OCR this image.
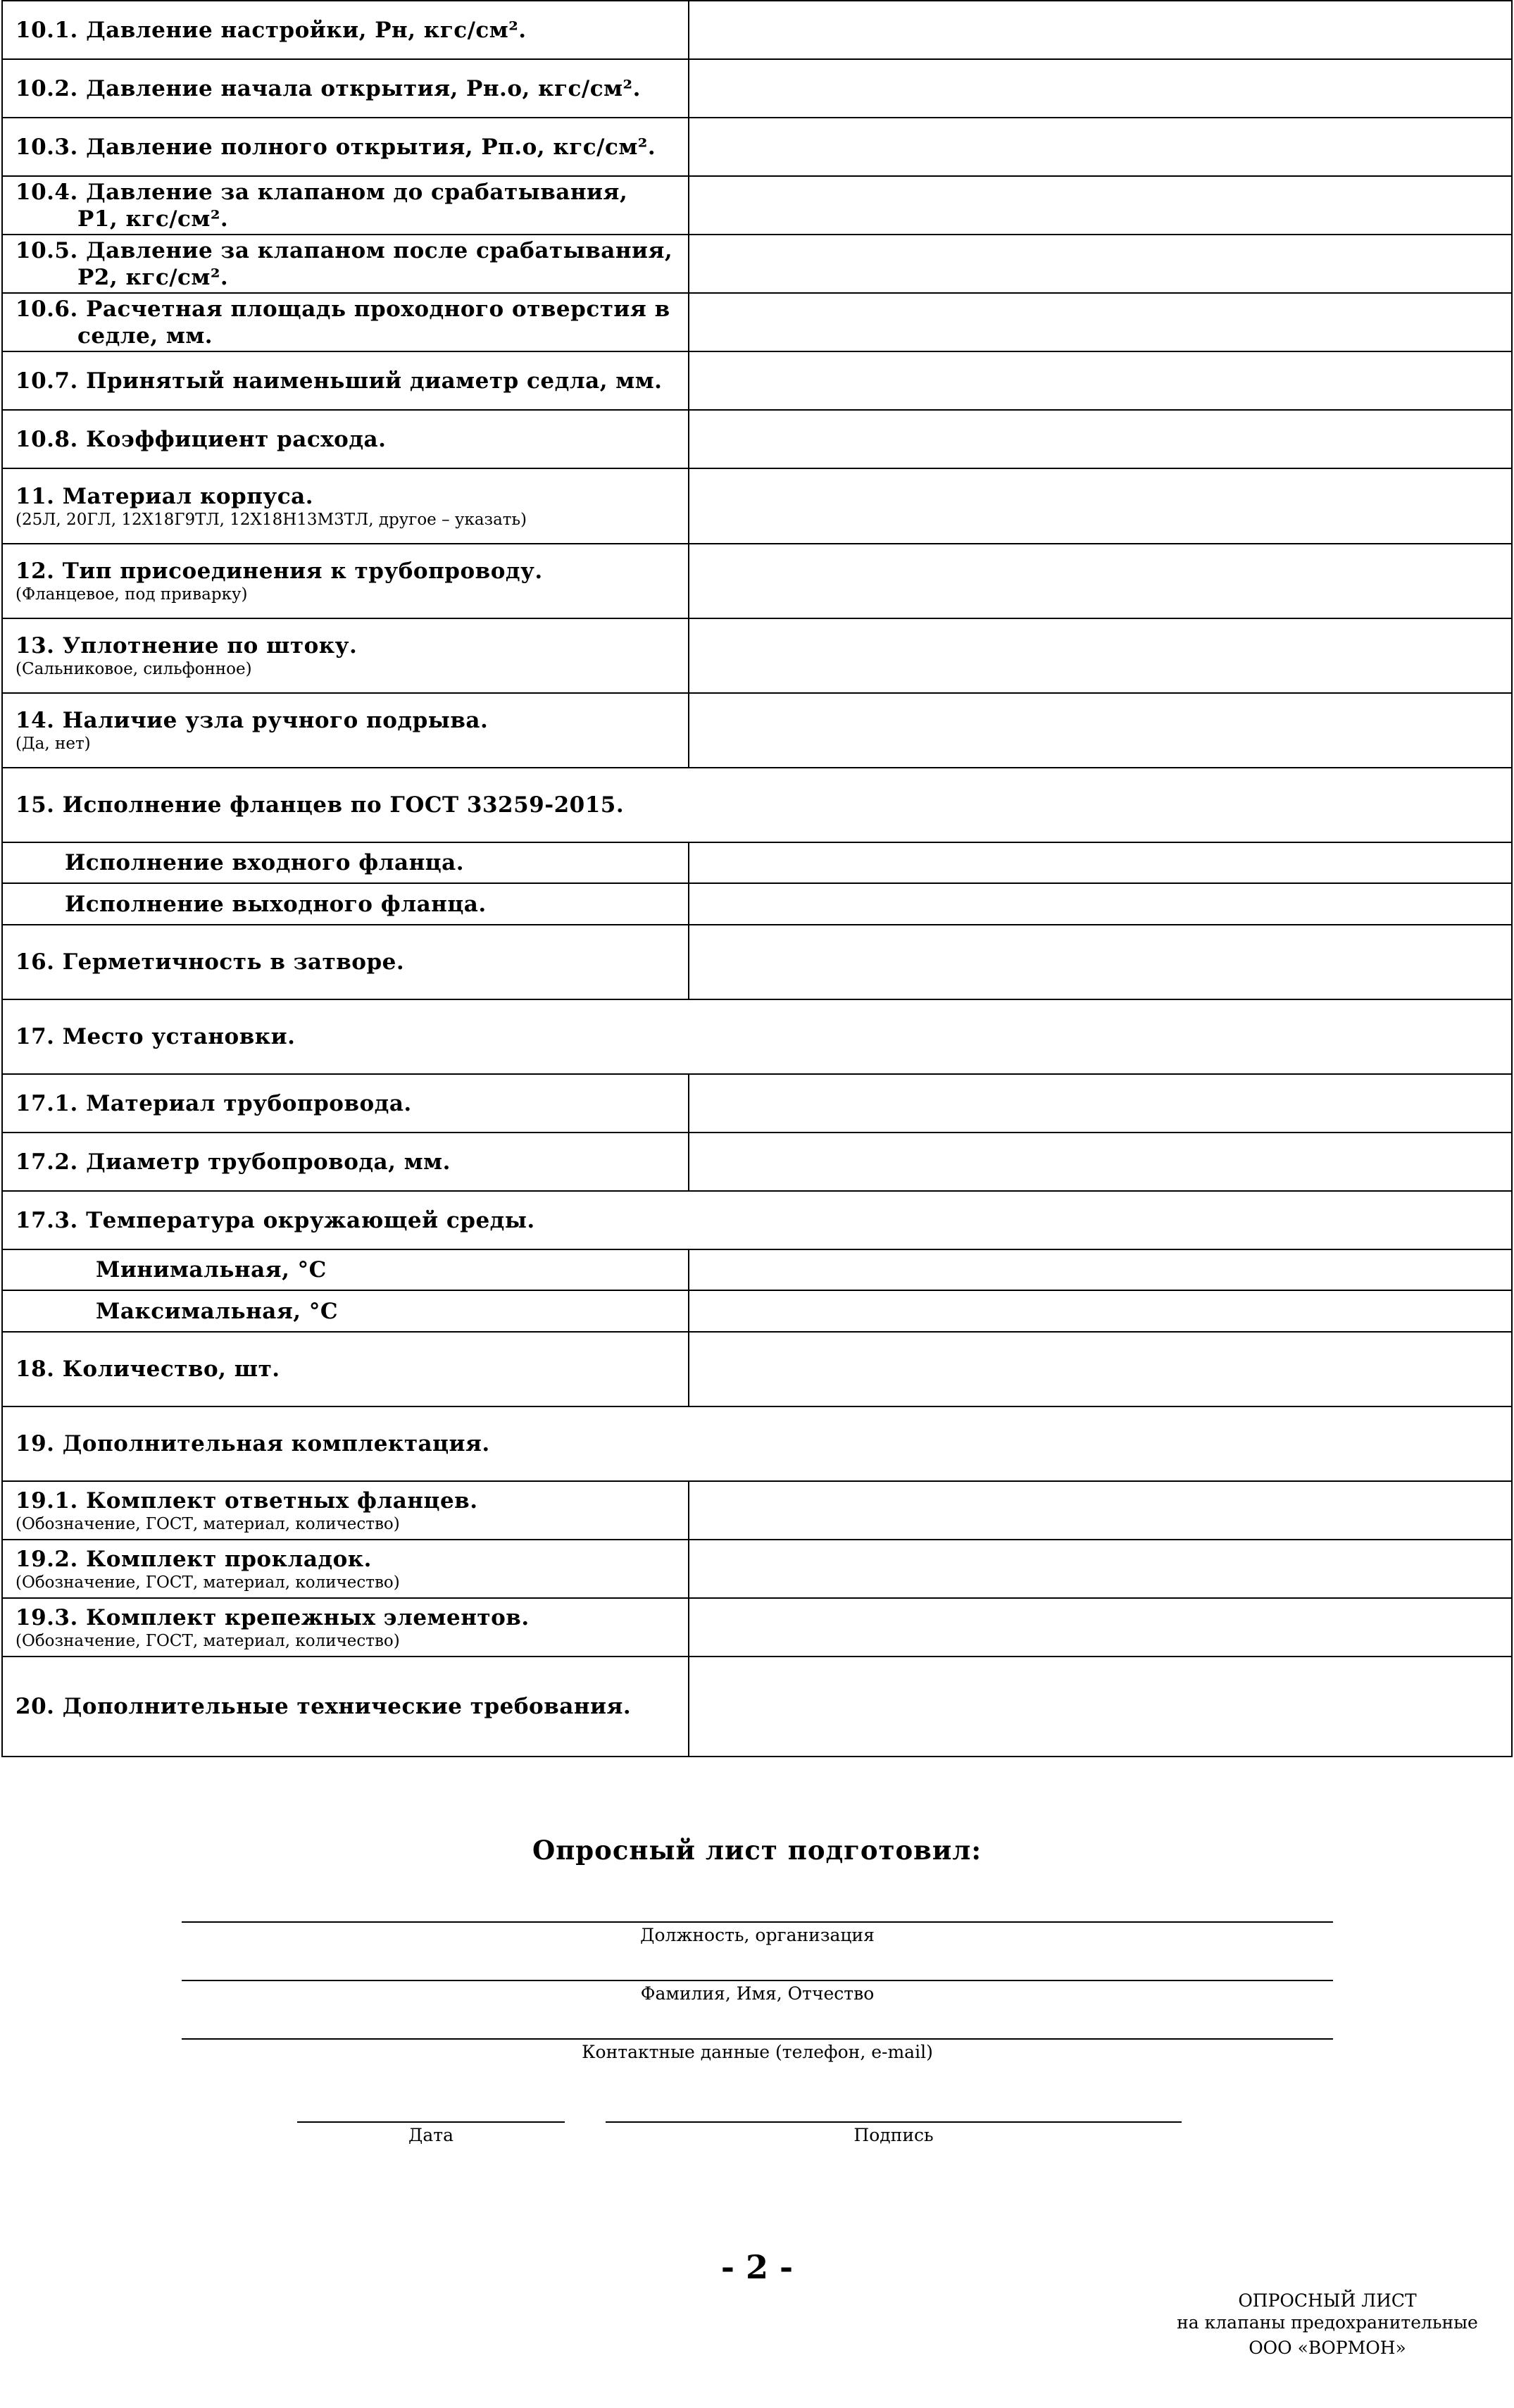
10.1. Давление настройки, Pн, кгс/см².	

10.2. Давление начала открытия, Pн.о, кгс/см².	

10.3. Давление полного открытия, Pп.о, кгс/см².	

10.4. Давление за клапаном до срабатывания,
P1, кгс/см².	

10.5. Давление за клапаном после срабатывания,
P2, кгс/см².	

10.6. Расчетная площадь проходного отверстия в
седле, мм.	

10.7. Принятый наименьший диаметр седла, мм.	

10.8. Коэффициент расхода.	

11. Материал корпуса.
(25Л, 20ГЛ, 12Х18Г9ТЛ, 12Х18Н13М3ТЛ, другое – указать)	

12. Тип присоединения к трубопроводу.
(Фланцевое, под приварку)	

13. Уплотнение по штоку.
(Сальниковое, сильфонное)	

14. Наличие узла ручного подрыва.
(Да, нет)	

15. Исполнение фланцев по ГОСТ 33259-2015.	

Исполнение входного фланца.	

Исполнение выходного фланца.	

16. Герметичность в затворе.	

17. Место установки.	

17.1. Материал трубопровода.	

17.2. Диаметр трубопровода, мм.	

17.3. Температура окружающей среды.	

Минимальная, °С	

Максимальная, °С	

18. Количество, шт.	

19. Дополнительная комплектация.	

19.1. Комплект ответных фланцев.
(Обозначение, ГОСТ, материал, количество)	

19.2. Комплект прокладок.
(Обозначение, ГОСТ, материал, количество)	

19.3. Комплект крепежных элементов.
(Обозначение, ГОСТ, материал, количество)	

20. Дополнительные технические требования.	

Опросный лист подготовил:
Должность, организация
Фамилия, Имя, Отчество
Контактные данные (телефон, e-mail)
Дата	Подпись
- 2 -
ОПРОСНЫЙ ЛИСТ
на клапаны предохранительные
ООО «ВОРМОН»
